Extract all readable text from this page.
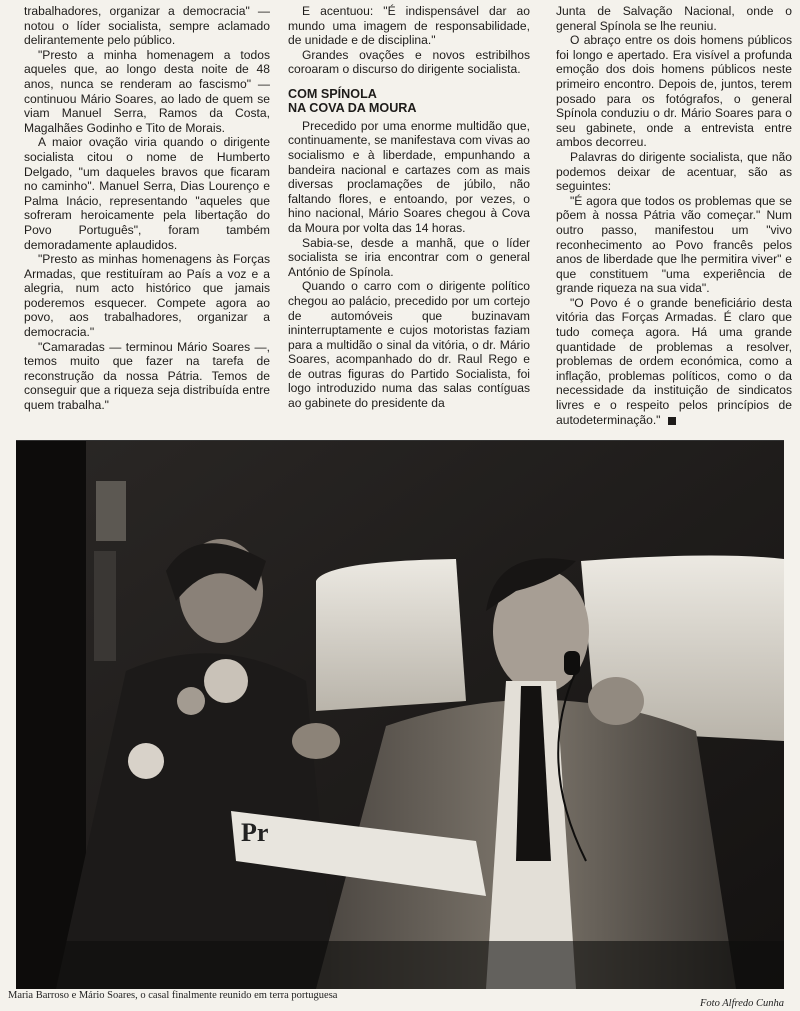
trabalhadores, organizar a democracia" — notou o líder socialista, sempre aclamado delirantemente pelo público.

"Presto a minha homenagem a todos aqueles que, ao longo desta noite de 48 anos, nunca se renderam ao fascismo" — continuou Mário Soares, ao lado de quem se viam Manuel Serra, Ramos da Costa, Magalhães Godinho e Tito de Morais.

A maior ovação viria quando o dirigente socialista citou o nome de Humberto Delgado, "um daqueles bravos que ficaram no caminho". Manuel Serra, Dias Lourenço e Palma Inácio, representando "aqueles que sofreram heroicamente pela libertação do Povo Português", foram também demoradamente aplaudidos.

"Presto as minhas homenagens às Forças Armadas, que restituíram ao País a voz e a alegria, num acto histórico que jamais poderemos esquecer. Compete agora ao povo, aos trabalhadores, organizar a democracia."

"Camaradas — terminou Mário Soares —, temos muito que fazer na tarefa de reconstrução da nossa Pátria. Temos de conseguir que a riqueza seja distribuída entre quem trabalha."

E acentuou: "É indispensável dar ao mundo uma imagem de responsabilidade, de unidade e de disciplina."

Grandes ovações e novos estribilhos coroaram o discurso do dirigente socialista.

COM SPÍNOLA
NA COVA DA MOURA

Precedido por uma enorme multidão que, continuamente, se manifestava com vivas ao socialismo e à liberdade, empunhando a bandeira nacional e cartazes com as mais diversas proclamações de júbilo, não faltando flores, e entoando, por vezes, o hino nacional, Mário Soares chegou à Cova da Moura por volta das 14 horas.

Sabia-se, desde a manhã, que o líder socialista se iria encontrar com o general António de Spínola.

Quando o carro com o dirigente político chegou ao palácio, precedido por um cortejo de automóveis que buzinavam ininterruptamente e cujos motoristas faziam para a multidão o sinal da vitória, o dr. Mário Soares, acompanhado do dr. Raul Rego e de outras figuras do Partido Socialista, foi logo introduzido numa das salas contíguas ao gabinete do presidente da

Junta de Salvação Nacional, onde o general Spínola se lhe reuniu.

O abraço entre os dois homens públicos foi longo e apertado. Era visível a profunda emoção dos dois homens públicos neste primeiro encontro. Depois de, juntos, terem posado para os fotógrafos, o general Spínola conduziu o dr. Mário Soares para o seu gabinete, onde a entrevista entre ambos decorreu.

Palavras do dirigente socialista, que não podemos deixar de acentuar, são as seguintes:

"É agora que todos os problemas que se põem à nossa Pátria vão começar." Num outro passo, manifestou um "vivo reconhecimento ao Povo francês pelos anos de liberdade que lhe permitira viver" e que constituem "uma experiência de grande riqueza na sua vida".

"O Povo é o grande beneficiário desta vitória das Forças Armadas. É claro que tudo começa agora. Há uma grande quantidade de problemas a resolver, problemas de ordem económica, como a inflação, problemas políticos, como o da necessidade da instituição de sindicatos livres e o respeito pelos princípios de autodeterminação."

Pr
Maria Barroso e Mário Soares, o casal finalmente reunido em terra portuguesa
Foto Alfredo Cunha
